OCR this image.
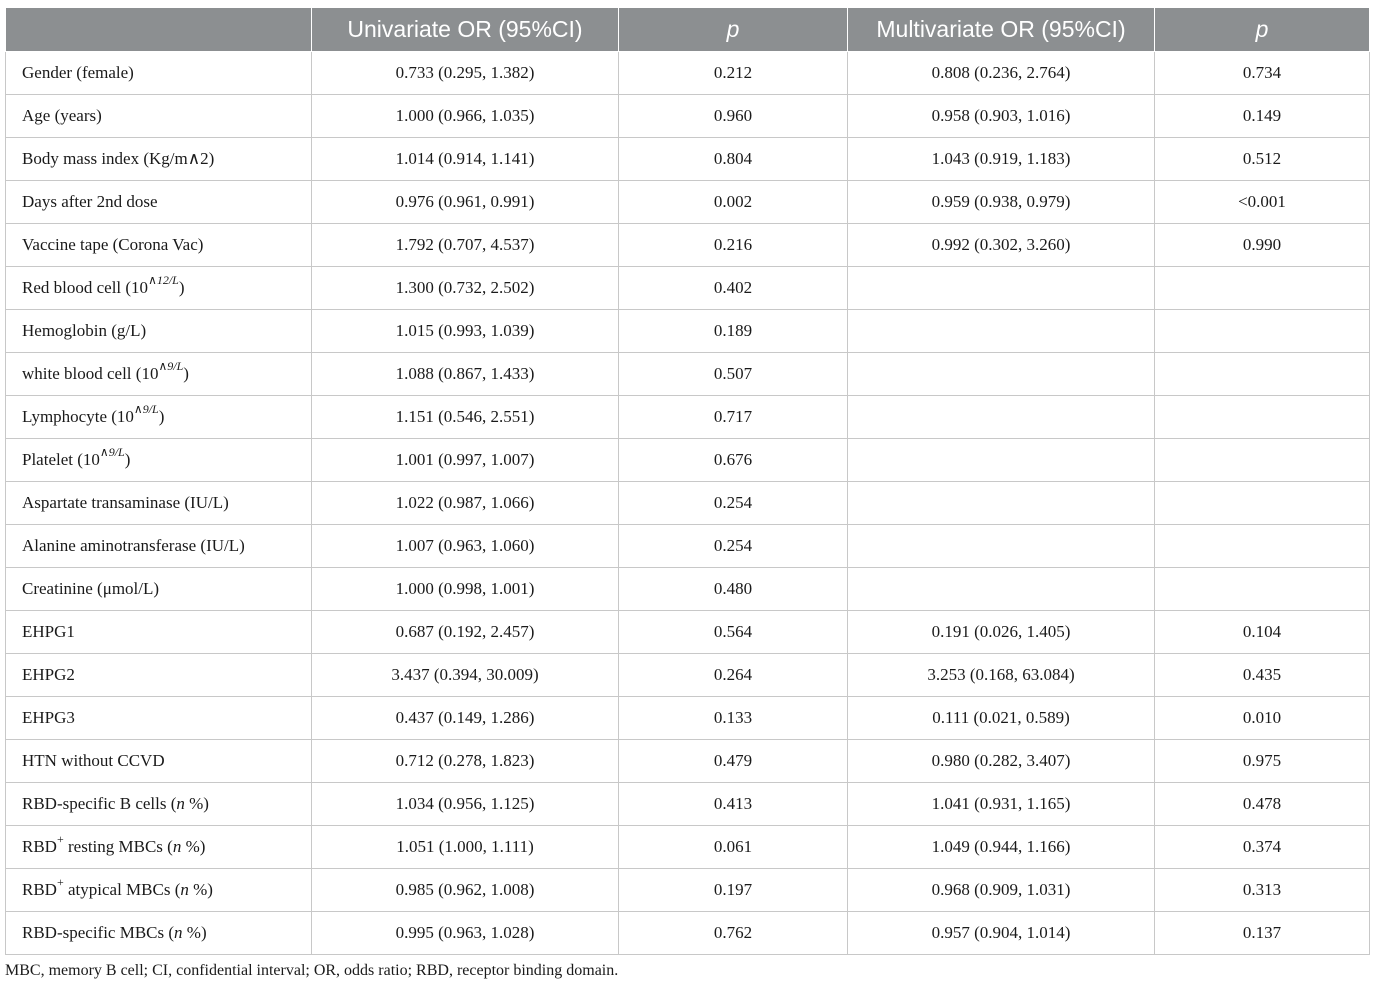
	Univariate OR (95%CI)	p	Multivariate OR (95%CI)	p
Gender (female)	0.733 (0.295, 1.382)	0.212	0.808 (0.236, 2.764)	0.734
Age (years)	1.000 (0.966, 1.035)	0.960	0.958 (0.903, 1.016)	0.149
Body mass index (Kg/m∧2)	1.014 (0.914, 1.141)	0.804	1.043 (0.919, 1.183)	0.512
Days after 2nd dose	0.976 (0.961, 0.991)	0.002	0.959 (0.938, 0.979)	<0.001
Vaccine tape (Corona Vac)	1.792 (0.707, 4.537)	0.216	0.992 (0.302, 3.260)	0.990
Red blood cell $(10^{\wedge 12/L})$	1.300 (0.732, 2.502)	0.402		
Hemoglobin (g/L)	1.015 (0.993, 1.039)	0.189		
white blood cell $(10^{\wedge 9/L})$	1.088 (0.867, 1.433)	0.507		
Lymphocyte $(10^{\wedge 9/L})$	1.151 (0.546, 2.551)	0.717		
Platelet $(10^{\wedge 9/L})$	1.001 (0.997, 1.007)	0.676		
Aspartate transaminase (IU/L)	1.022 (0.987, 1.066)	0.254		
Alanine aminotransferase (IU/L)	1.007 (0.963, 1.060)	0.254		
Creatinine (μmol/L)	1.000 (0.998, 1.001)	0.480		
EHPG1	0.687 (0.192, 2.457)	0.564	0.191 (0.026, 1.405)	0.104
EHPG2	3.437 (0.394, 30.009)	0.264	3.253 (0.168, 63.084)	0.435
EHPG3	0.437 (0.149, 1.286)	0.133	0.111 (0.021, 0.589)	0.010
HTN without CCVD	0.712 (0.278, 1.823)	0.479	0.980 (0.282, 3.407)	0.975
RBD-specific B cells (n %)	1.034 (0.956, 1.125)	0.413	1.041 (0.931, 1.165)	0.478
RBD+ resting MBCs (n %)	1.051 (1.000, 1.111)	0.061	1.049 (0.944, 1.166)	0.374
RBD+ atypical MBCs (n %)	0.985 (0.962, 1.008)	0.197	0.968 (0.909, 1.031)	0.313
RBD-specific MBCs (n %)	0.995 (0.963, 1.028)	0.762	0.957 (0.904, 1.014)	0.137
MBC, memory B cell; CI, confidential interval; OR, odds ratio; RBD, receptor binding domain.
